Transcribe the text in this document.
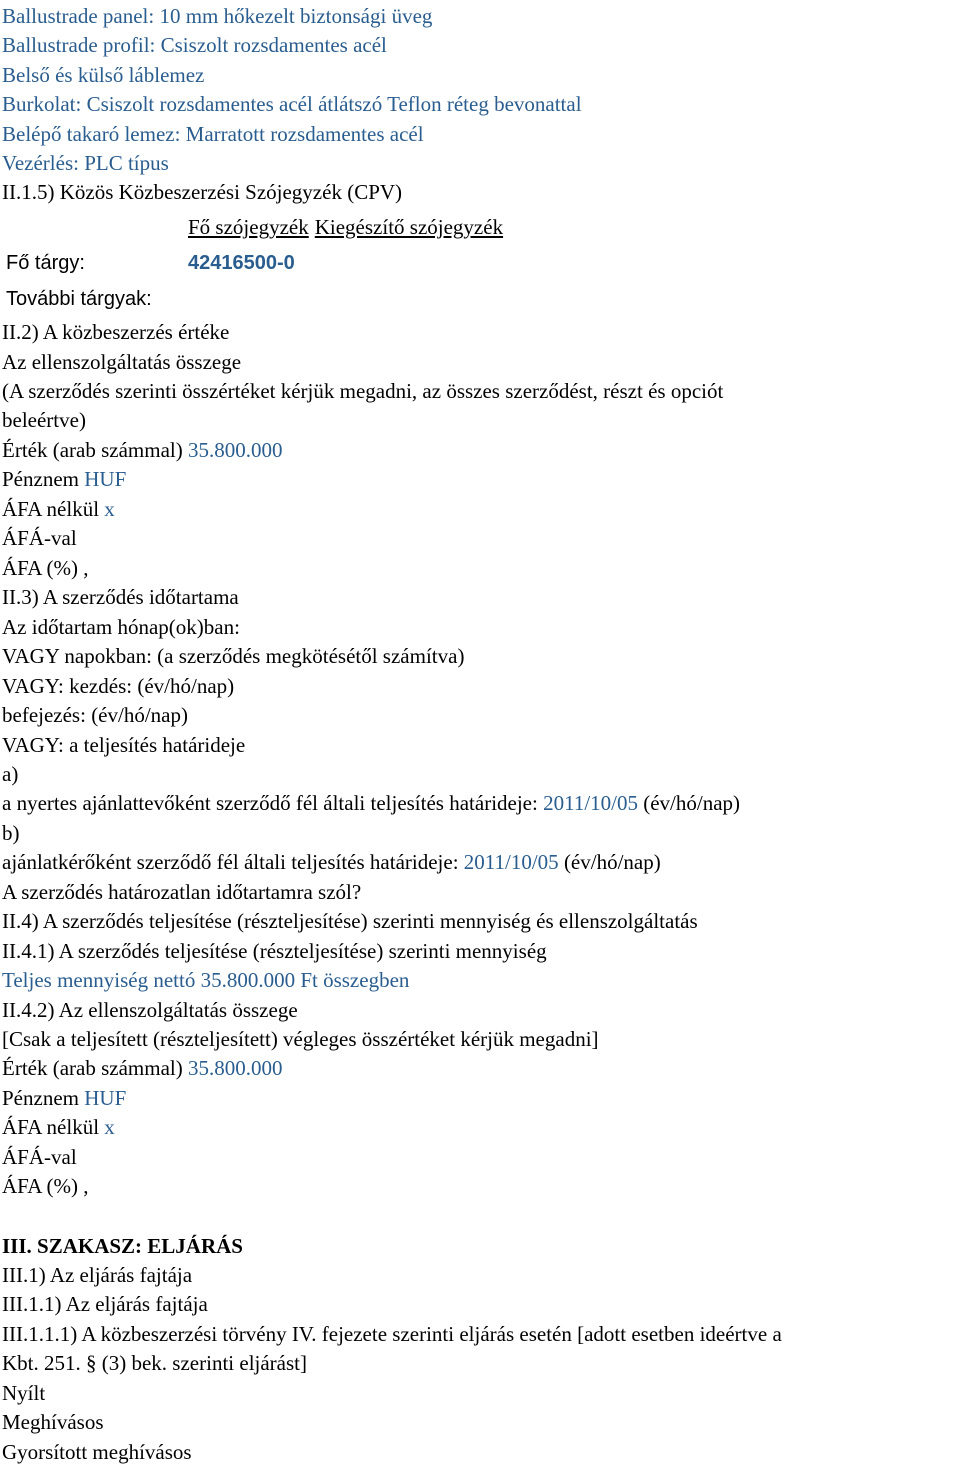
Ballustrade panel: 10 mm hőkezelt biztonsági üveg
Ballustrade profil: Csiszolt rozsdamentes acél
Belső és külső láblemez
Burkolat: Csiszolt rozsdamentes acél átlátszó Teflon réteg bevonattal
Belépő takaró lemez: Marratott rozsdamentes acél
Vezérlés: PLC típus
II.1.5) Közös Közbeszerzési Szójegyzék (CPV)
Fő szójegyzék Kiegészítő szójegyzék
Fő tárgy:	42416500-0
További tárgyak:
II.2) A közbeszerzés értéke
Az ellenszolgáltatás összege
(A szerződés szerinti összértéket kérjük megadni, az összes szerződést, részt és opciót
beleértve)
Érték (arab számmal) 35.800.000
Pénznem HUF
ÁFA nélkül x
ÁFÁ-val
ÁFA (%) ,
II.3) A szerződés időtartama
Az időtartam hónap(ok)ban:
VAGY napokban: (a szerződés megkötésétől számítva)
VAGY: kezdés: (év/hó/nap)
befejezés: (év/hó/nap)
VAGY: a teljesítés határideje
a)
a nyertes ajánlattevőként szerződő fél általi teljesítés határideje: 2011/10/05 (év/hó/nap)
b)
ajánlatkérőként szerződő fél általi teljesítés határideje: 2011/10/05 (év/hó/nap)
A szerződés határozatlan időtartamra szól?
II.4) A szerződés teljesítése (részteljesítése) szerinti mennyiség és ellenszolgáltatás
II.4.1) A szerződés teljesítése (részteljesítése) szerinti mennyiség
Teljes mennyiség nettó 35.800.000 Ft összegben
II.4.2) Az ellenszolgáltatás összege
[Csak a teljesített (részteljesített) végleges összértéket kérjük megadni]
Érték (arab számmal) 35.800.000
Pénznem HUF
ÁFA nélkül x
ÁFÁ-val
ÁFA (%) ,
III. SZAKASZ: ELJÁRÁS
III.1) Az eljárás fajtája
III.1.1) Az eljárás fajtája
III.1.1.1) A közbeszerzési törvény IV. fejezete szerinti eljárás esetén [adott esetben ideértve a
Kbt. 251. § (3) bek. szerinti eljárást]
Nyílt
Meghívásos
Gyorsított meghívásos
